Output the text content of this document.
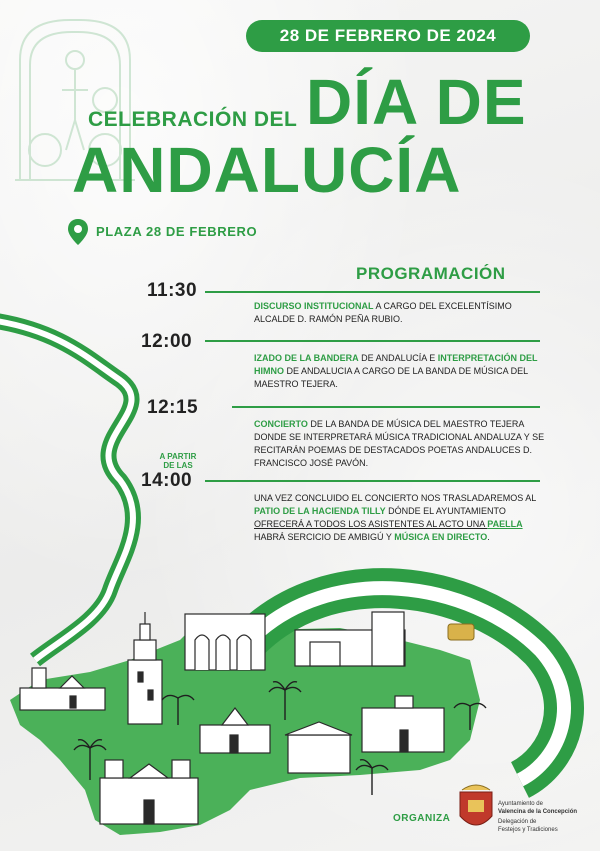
28 DE FEBRERO DE 2024
CELEBRACIÓN DEL DÍA DE
ANDALUCÍA
PLAZA 28 DE FEBRERO
PROGRAMACIÓN
11:30
12:00
12:15
A PARTIR DE LAS
14:00
DISCURSO INSTITUCIONAL A CARGO DEL EXCELENTÍSIMO ALCALDE D. RAMÓN PEÑA RUBIO.
IZADO DE LA BANDERA DE ANDALUCÍA E INTERPRETACIÓN DEL HIMNO DE ANDALUCIA A CARGO DE LA BANDA DE MÚSICA DEL MAESTRO TEJERA.
CONCIERTO DE LA BANDA DE MÚSICA DEL MAESTRO TEJERA DONDE SE INTERPRETARÁ MÚSICA TRADICIONAL ANDALUZA Y SE RECITARÁN POEMAS DE DESTACADOS POETAS ANDALUCES D. FRANCISCO JOSÉ PAVÓN.
UNA VEZ CONCLUIDO EL CONCIERTO NOS TRASLADAREMOS AL PATIO DE LA HACIENDA TILLY DÓNDE EL AYUNTAMIENTO OFRECERÁ A TODOS LOS ASISTENTES AL ACTO UNA PAELLA HABRÁ SERCICIO DE AMBIGÚ Y MÚSICA EN DIRECTO.
ORGANIZA
Ayuntamiento de
Valencina de la Concepción
Delegación de
Festejos y Tradiciones
